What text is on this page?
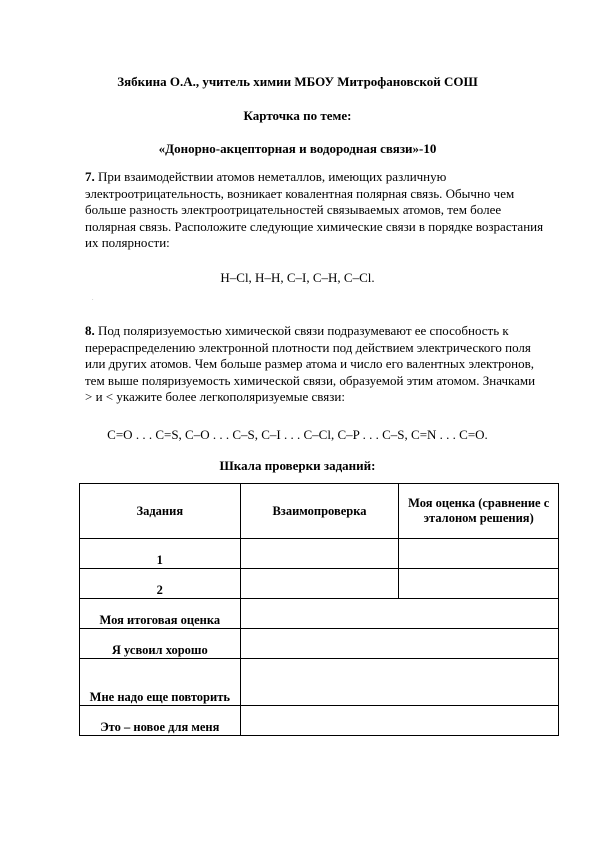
Зябкина О.А., учитель химии МБОУ Митрофановской СОШ
Карточка по теме:
«Донорно-акцепторная и водородная связи»-10
7. При взаимодействии атомов неметаллов, имеющих различную электроотрицательность, возникает ковалентная полярная связь. Обычно чем больше разность электроотрицательностей связываемых атомов, тем более полярная связь. Расположите следующие химические связи в порядке возрастания их полярности:
H–Cl, H–H, C–I, C–H, C–Cl.
.
8. Под поляризуемостью химической связи подразумевают ее способность к перераспределению электронной плотности под действием электрического поля или других атомов. Чем больше размер атома и число его валентных электронов, тем выше поляризуемость химической связи, образуемой этим атомом. Значками > и < укажите более легкополяризуемые связи:
C=O . . . C=S, C–O . . . C–S, C–I . . . C–Cl, C–P . . . C–S, C=N . . . C=O.
Шкала проверки заданий:
Задания	Взаимопроверка	Моя оценка (сравнение с эталоном решения)
1		
2		
Моя итоговая оценка		
Я усвоил хорошо		
Мне надо еще повторить		
Это – новое для меня		
